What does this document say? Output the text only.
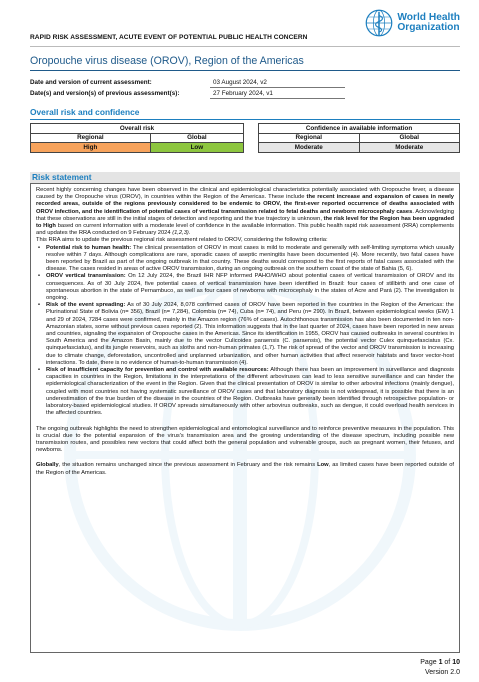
RAPID RISK ASSESSMENT, ACUTE EVENT OF POTENTIAL PUBLIC HEALTH CONCERN
World Health
Organization
Oropouche virus disease (OROV), Region of the Americas
Date and version of current assessment:	03 August 2024, v2
Date(s) and version(s) of previous assessment(s):	27 February 2024, v1
Overall risk and confidence
Overall risk	
Regional	Global
High	Low
Confidence in available information	
Regional	Global
Moderate	Moderate
Risk statement

Recent highly concerning changes have been observed in the clinical and epidemiological characteristics potentially associated with Oropouche fever, a disease caused by the Oropouche virus (OROV), in countries within the Region of the Americas. These include the recent increase and expansion of cases in newly recorded areas, outside of the regions previously considered to be endemic to OROV, the first-ever reported occurrence of deaths associated with OROV infection, and the identification of potential cases of vertical transmission related to fetal deaths and newborn microcephaly cases. Acknowledging that these observations are still in the initial stages of detection and reporting and the true trajectory is unknown, the risk level for the Region has been upgraded to High based on current information with a moderate level of confidence in the available information. This public health rapid risk assessment (RRA) complements and updates the RRA conducted on 9 February 2024 (1,2,3).

This RRA aims to update the previous regional risk assessment related to OROV, considering the following criteria:

• Potential risk to human health: The clinical presentation of OROV in most cases is mild to moderate and generally with self-limiting symptoms which usually resolve within 7 days. Although complications are rare, sporadic cases of aseptic meningitis have been documented (4). More recently, two fatal cases have been reported by Brazil as part of the ongoing outbreak in that country. These deaths would correspond to the first reports of fatal cases associated with the disease. The cases resided in areas of active OROV transmission, during an ongoing outbreak on the southern coast of the state of Bahia (5, 6).
• OROV vertical transmission: On 12 July 2024, the Brazil IHR NFP informed PAHO/WHO about potential cases of vertical transmission of OROV and its consequences. As of 30 July 2024, five potential cases of vertical transmission have been identified in Brazil: four cases of stillbirth and one case of spontaneous abortion in the state of Pernambuco, as well as four cases of newborns with microcephaly in the states of Acre and Pará (2). The investigation is ongoing.
• Risk of the event spreading: As of 30 July 2024, 8,078 confirmed cases of OROV have been reported in five countries in the Region of the Americas: the Plurinational State of Bolivia (n= 356), Brazil (n= 7,284), Colombia (n= 74), Cuba (n= 74), and Peru (n= 290). In Brazil, between epidemiological weeks (EW) 1 and 29 of 2024, 7284 cases were confirmed, mainly in the Amazon region (76% of cases). Autochthonous transmission has also been documented in ten non-Amazonian states, some without previous cases reported (2). This information suggests that in the last quarter of 2024, cases have been reported in new areas and countries, signaling the expansion of Oropouche cases in the Americas. Since its identification in 1955, OROV has caused outbreaks in several countries in South America and the Amazon Basin, mainly due to the vector Culicoides paraensis (C. paraensis), the potential vector Culex quinquefasciatus (Cx. quinquefasciatus), and its jungle reservoirs, such as sloths and non-human primates (1,7). The risk of spread of the vector and OROV transmission is increasing due to climate change, deforestation, uncontrolled and unplanned urbanization, and other human activities that affect reservoir habitats and favor vector-host interactions. To date, there is no evidence of human-to-human transmission (4).
• Risk of insufficient capacity for prevention and control with available resources: Although there has been an improvement in surveillance and diagnosis capacities in countries in the Region, limitations in the interpretations of the different arboviruses can lead to less sensitive surveillance and can hinder the epidemiological characterization of the event in the Region. Given that the clinical presentation of OROV is similar to other arboviral infections (mainly dengue), coupled with most countries not having systematic surveillance of OROV cases and that laboratory diagnosis is not widespread, it is possible that there is an underestimation of the true burden of the disease in the countries of the Region. Outbreaks have generally been identified through retrospective population- or laboratory-based epidemiological studies. If OROV spreads simultaneously with other arbovirus outbreaks, such as dengue, it could overload health services in the affected countries.

The ongoing outbreak highlights the need to strengthen epidemiological and entomological surveillance and to reinforce preventive measures in the population. This is crucial due to the potential expansion of the virus's transmission area and the growing understanding of the disease spectrum, including possible new transmission routes, and possibles new vectors that could affect both the general population and vulnerable groups, such as pregnant women, their fetuses, and newborns.

Globally, the situation remains unchanged since the previous assessment in February and the risk remains Low, as limited cases have been reported outside of the Region of the Americas.

Page 1 of 10
Version 2.0
